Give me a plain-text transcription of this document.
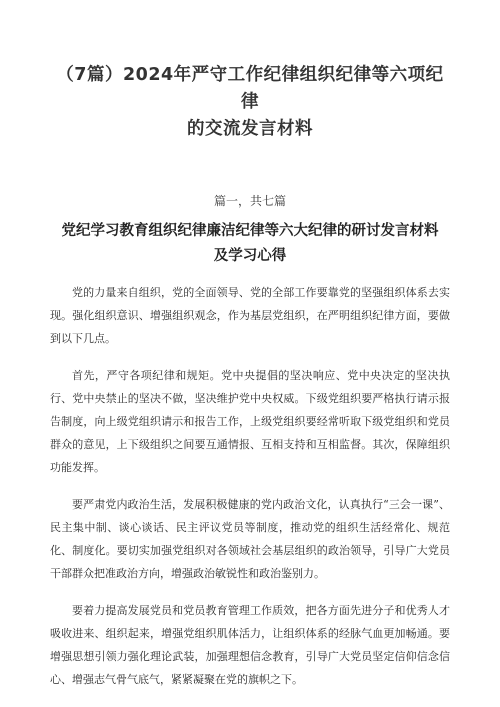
（7篇）2024年严守工作纪律组织纪律等六项纪律
的交流发言材料

篇一，共七篇

党纪学习教育组织纪律廉洁纪律等六大纪律的研讨发言材料及学习心得

党的力量来自组织，党的全面领导、党的全部工作要靠党的坚强组织体系去实现。强化组织意识、增强组织观念，作为基层党组织，在严明组织纪律方面，要做到以下几点。

首先，严守各项纪律和规矩。党中央提倡的坚决响应、党中央决定的坚决执行、党中央禁止的坚决不做，坚决维护党中央权威。下级党组织要严格执行请示报告制度，向上级党组织请示和报告工作，上级党组织要经常听取下级党组织和党员群众的意见，上下级组织之间要互通情报、互相支持和互相监督。其次，保障组织功能发挥。

要严肃党内政治生活，发展积极健康的党内政治文化，认真执行“三会一课”、民主集中制、谈心谈话、民主评议党员等制度，推动党的组织生活经常化、规范化、制度化。要切实加强党组织对各领域社会基层组织的政治领导，引导广大党员干部群众把准政治方向，增强政治敏锐性和政治鉴别力。

要着力提高发展党员和党员教育管理工作质效，把各方面先进分子和优秀人才吸收进来、组织起来，增强党组织肌体活力，让组织体系的经脉气血更加畅通。要增强思想引领力强化理论武装，加强理想信念教育，引导广大党员坚定信仰信念信心、增强志气骨气底气，紧紧凝聚在党的旗帜之下。
